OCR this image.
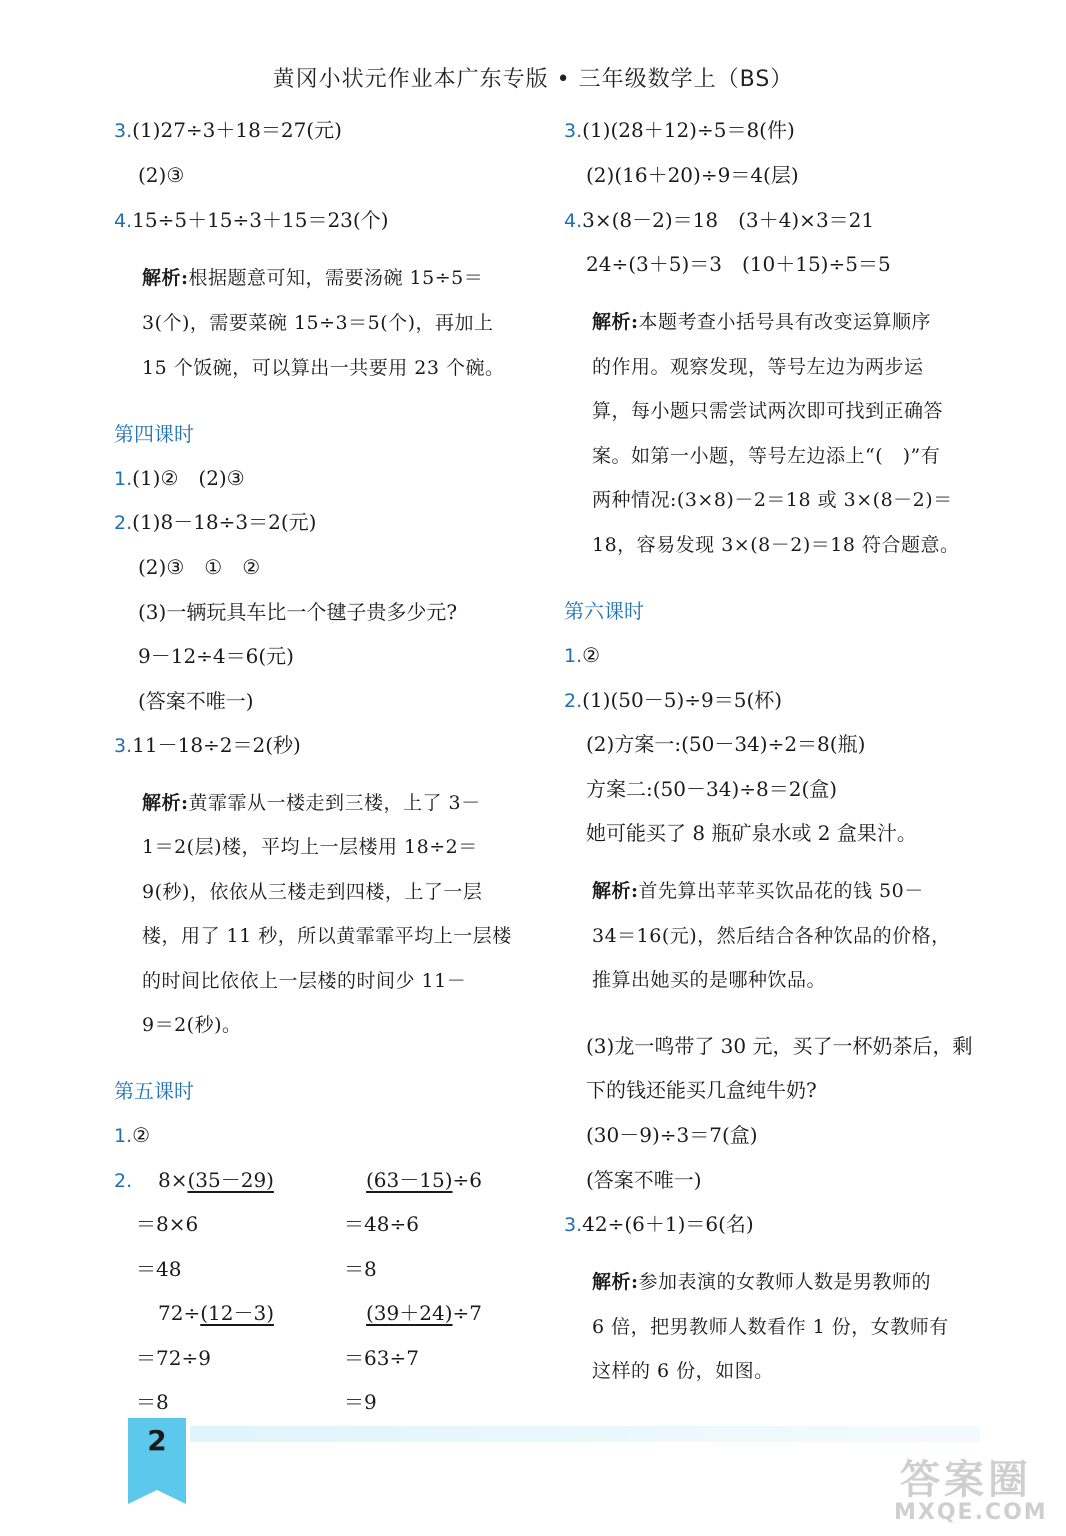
黄冈小状元作业本广东专版 • 三年级数学上（BS）
3.(1)27÷3＋18＝27(元)
(2)③
4.15÷5＋15÷3＋15＝23(个)
解析:根据题意可知，需要汤碗 15÷5＝
3(个)，需要菜碗 15÷3＝5(个)，再加上
15 个饭碗，可以算出一共要用 23 个碗。
第四课时
1.(1)②　(2)③
2.(1)8－18÷3＝2(元)
(2)③　①　②
(3)一辆玩具车比一个毽子贵多少元?
9－12÷4＝6(元)
(答案不唯一)
3.11－18÷2＝2(秒)
解析:黄霏霏从一楼走到三楼，上了 3－
1＝2(层)楼，平均上一层楼用 18÷2＝
9(秒)，依依从三楼走到四楼，上了一层
楼，用了 11 秒，所以黄霏霏平均上一层楼
的时间比依依上一层楼的时间少 11－
9＝2(秒)。
第五课时
1.②
2. 8×(35－29)
＝8×6
＝48
(63－15)÷6
＝48÷6
＝8
72÷(12－3)
＝72÷9
＝8
(39＋24)÷7
＝63÷7
＝9
3.(1)(28＋12)÷5＝8(件)
(2)(16＋20)÷9＝4(层)
4.3×(8－2)＝18　(3＋4)×3＝21
24÷(3＋5)＝3　(10＋15)÷5＝5
解析:本题考查小括号具有改变运算顺序
的作用。观察发现，等号左边为两步运
算，每小题只需尝试两次即可找到正确答
案。如第一小题，等号左边添上“(　)”有
两种情况:(3×8)－2＝18 或 3×(8－2)＝
18，容易发现 3×(8－2)＝18 符合题意。
第六课时
1.②
2.(1)(50－5)÷9＝5(杯)
(2)方案一:(50－34)÷2＝8(瓶)
方案二:(50－34)÷8＝2(盒)
她可能买了 8 瓶矿泉水或 2 盒果汁。
解析:首先算出苹苹买饮品花的钱 50－
34＝16(元)，然后结合各种饮品的价格，
推算出她买的是哪种饮品。
(3)龙一鸣带了 30 元，买了一杯奶茶后，剩
下的钱还能买几盒纯牛奶?
(30－9)÷3＝7(盒)
(答案不唯一)
3.42÷(6＋1)＝6(名)
解析:参加表演的女教师人数是男教师的
6 倍，把男教师人数看作 1 份，女教师有
这样的 6 份，如图。
2
答案圈
MXQE.COM
